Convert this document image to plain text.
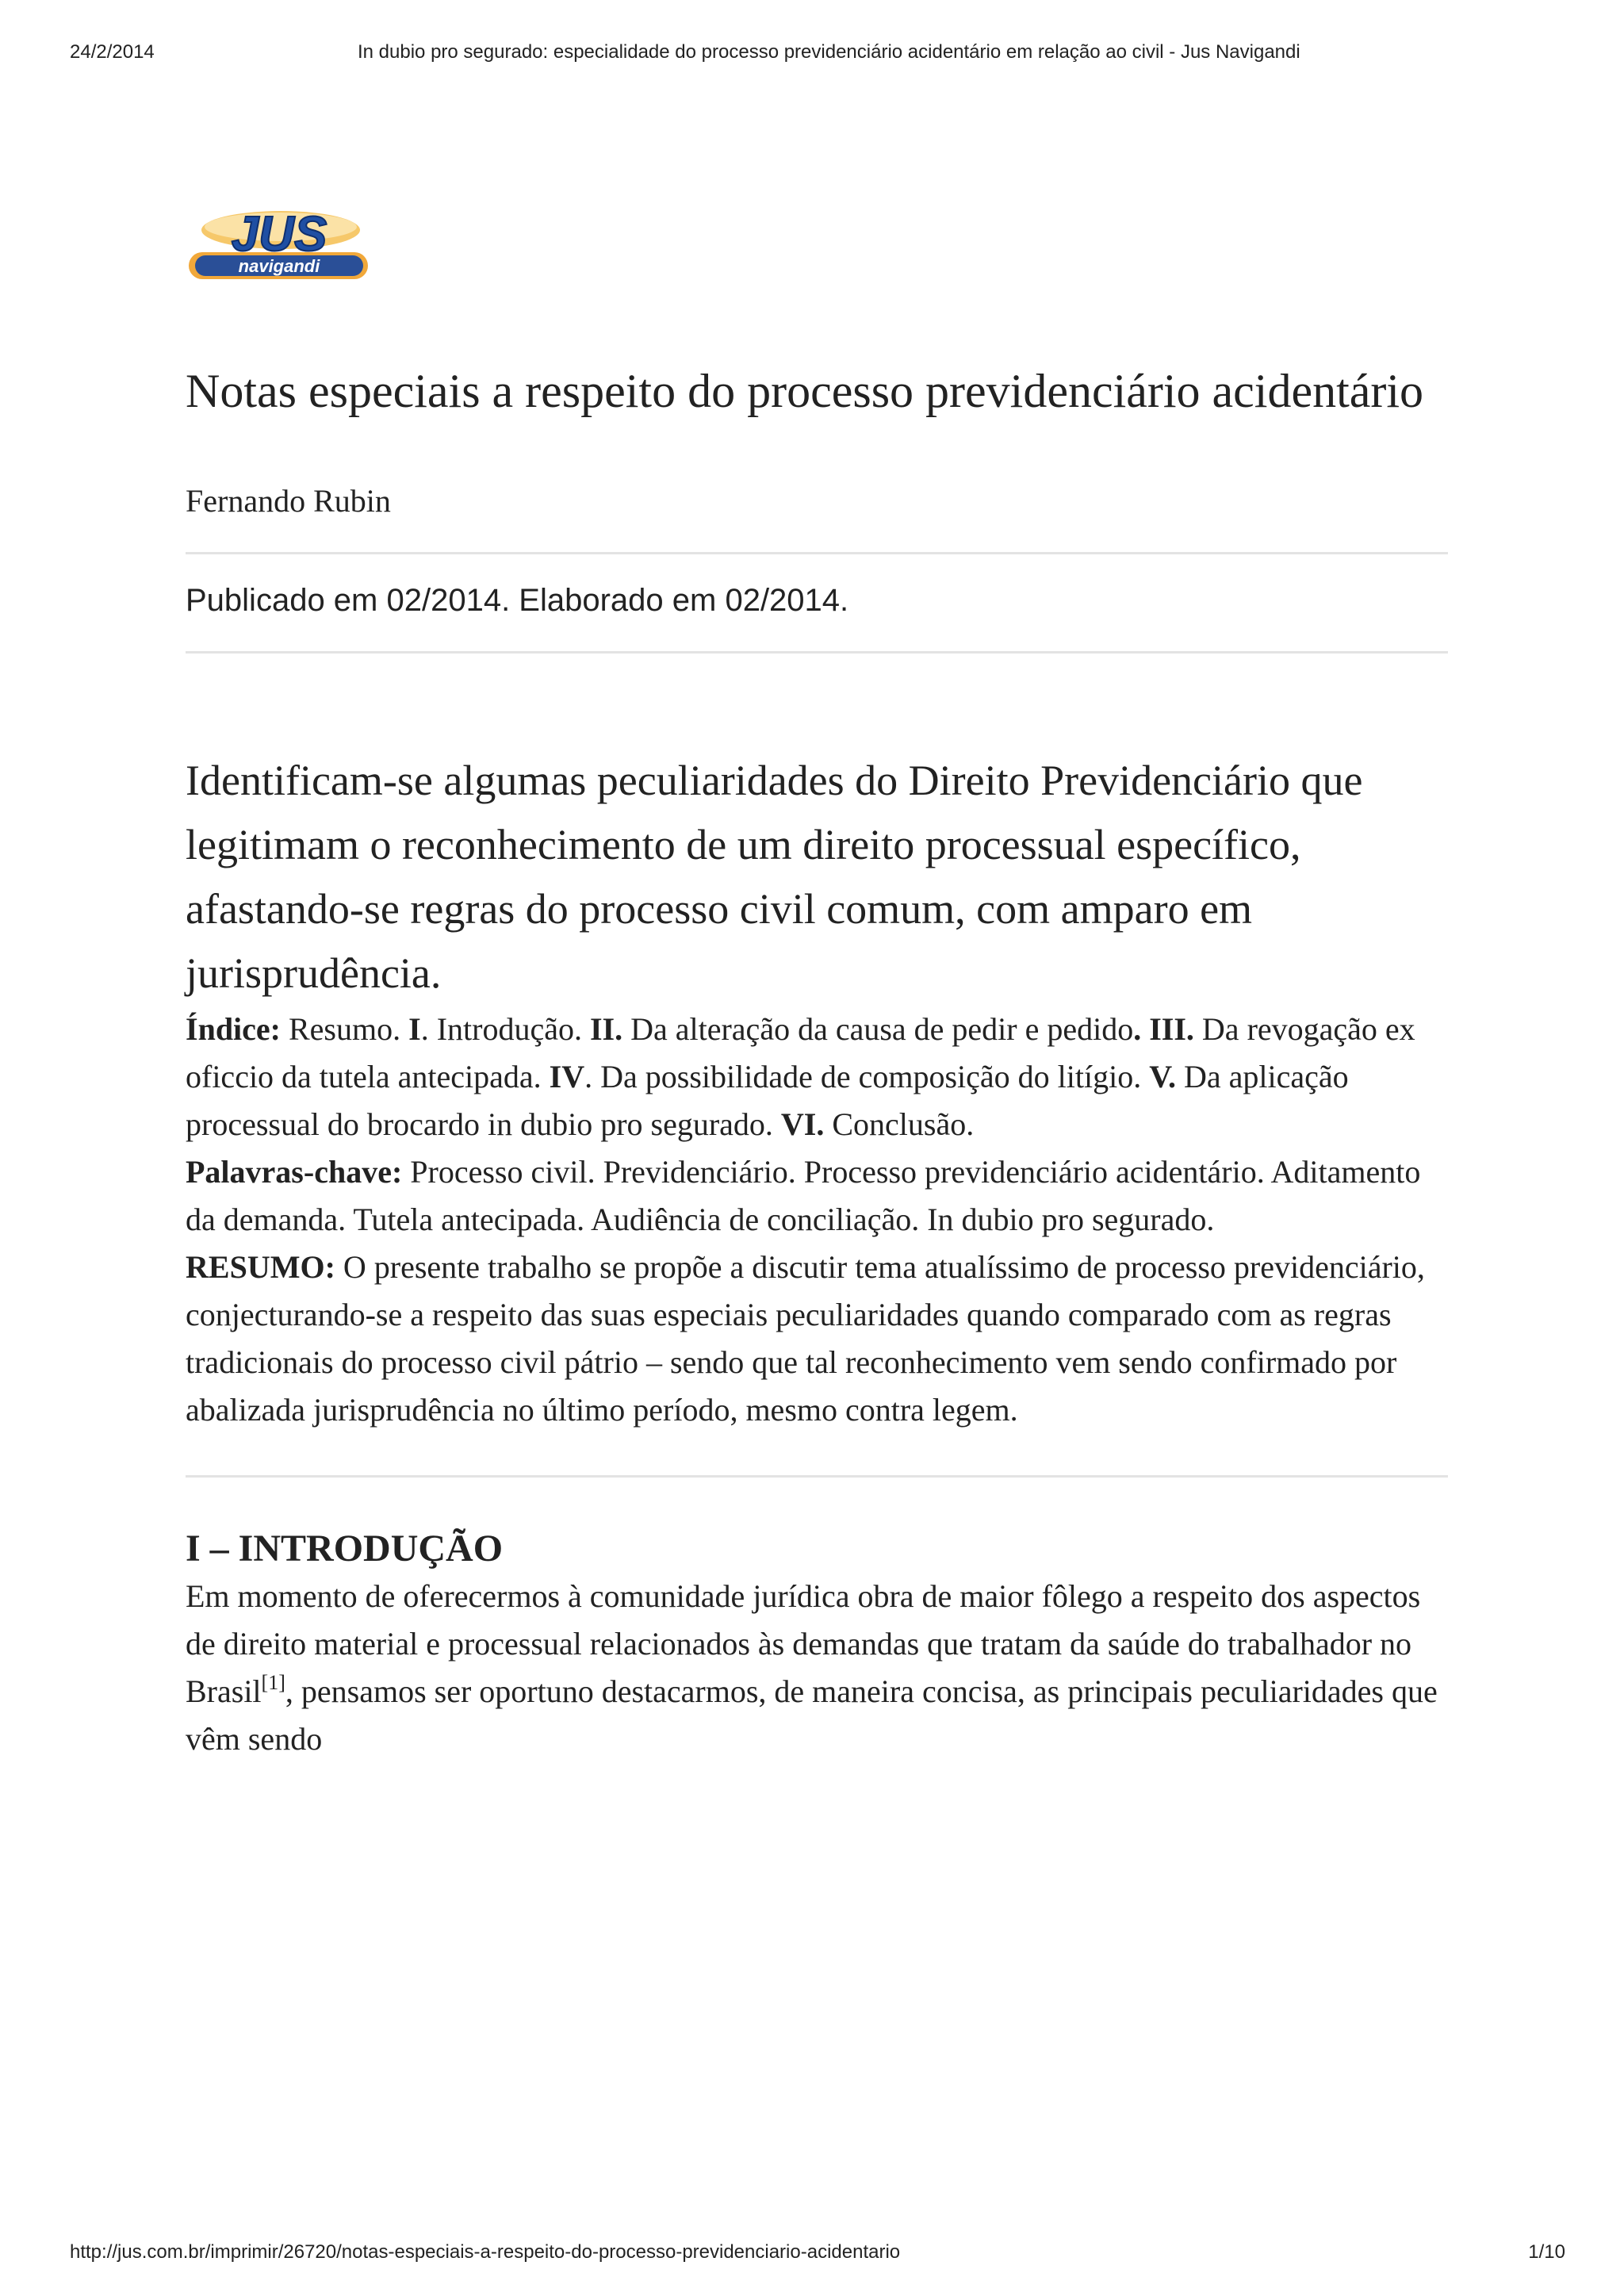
24/2/2014	In dubio pro segurado: especialidade do processo previdenciário acidentário em relação ao civil - Jus Navigandi
JUS
navigandi
Notas especiais a respeito do processo previdenciário acidentário
Fernando Rubin
Publicado em 02/2014. Elaborado em 02/2014.
Identificam-se algumas peculiaridades do Direito Previdenciário que legitimam o reconhecimento de um direito processual específico, afastando-se regras do processo civil comum, com amparo em jurisprudência.

Índice: Resumo. I. Introdução. II. Da alteração da causa de pedir e pedido. III. Da revogação ex oficcio da tutela antecipada. IV. Da possibilidade de composição do litígio. V. Da aplicação processual do brocardo in dubio pro segurado. VI. Conclusão.

Palavras-chave: Processo civil. Previdenciário. Processo previdenciário acidentário. Aditamento da demanda. Tutela antecipada. Audiência de conciliação. In dubio pro segurado.

RESUMO: O presente trabalho se propõe a discutir tema atualíssimo de processo previdenciário, conjecturando-se a respeito das suas especiais peculiaridades quando comparado com as regras tradicionais do processo civil pátrio – sendo que tal reconhecimento vem sendo confirmado por abalizada jurisprudência no último período, mesmo contra legem.

I – INTRODUÇÃO

Em momento de oferecermos à comunidade jurídica obra de maior fôlego a respeito dos aspectos de direito material e processual relacionados às demandas que tratam da saúde do trabalhador no Brasil[1], pensamos ser oportuno destacarmos, de maneira concisa, as principais peculiaridades que vêm sendo

http://jus.com.br/imprimir/26720/notas-especiais-a-respeito-do-processo-previdenciario-acidentario	1/10
